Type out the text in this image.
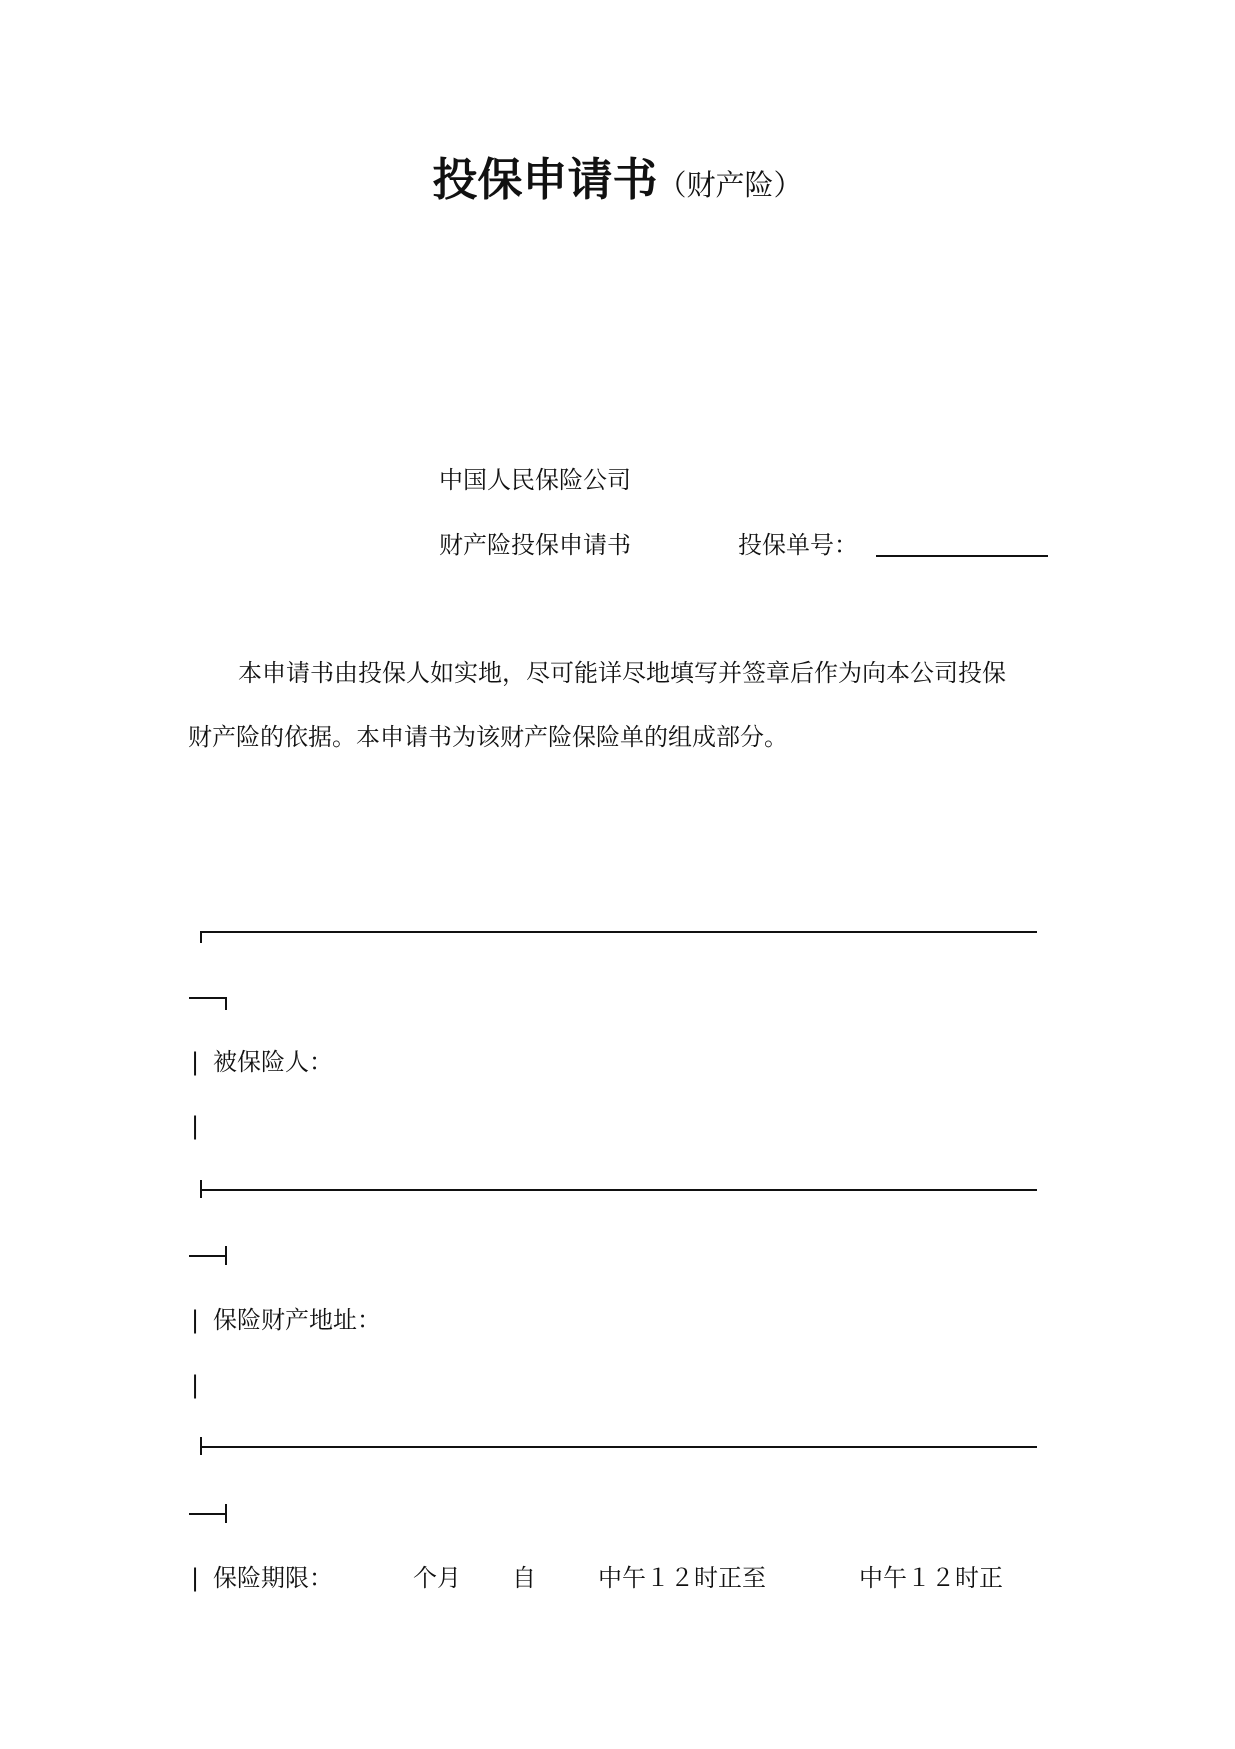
投保申请书（财产险）
中国人民保险公司
财产险投保申请书	投保单号：
本申请书由投保人如实地，尽可能详尽地填写并签章后作为向本公司投保
财产险的依据。本申请书为该财产险保险单的组成部分。
| 被保险人：
|
| 保险财产地址：
|
| 保险期限：	个月 自	中午１２时正至	中午１２时正
